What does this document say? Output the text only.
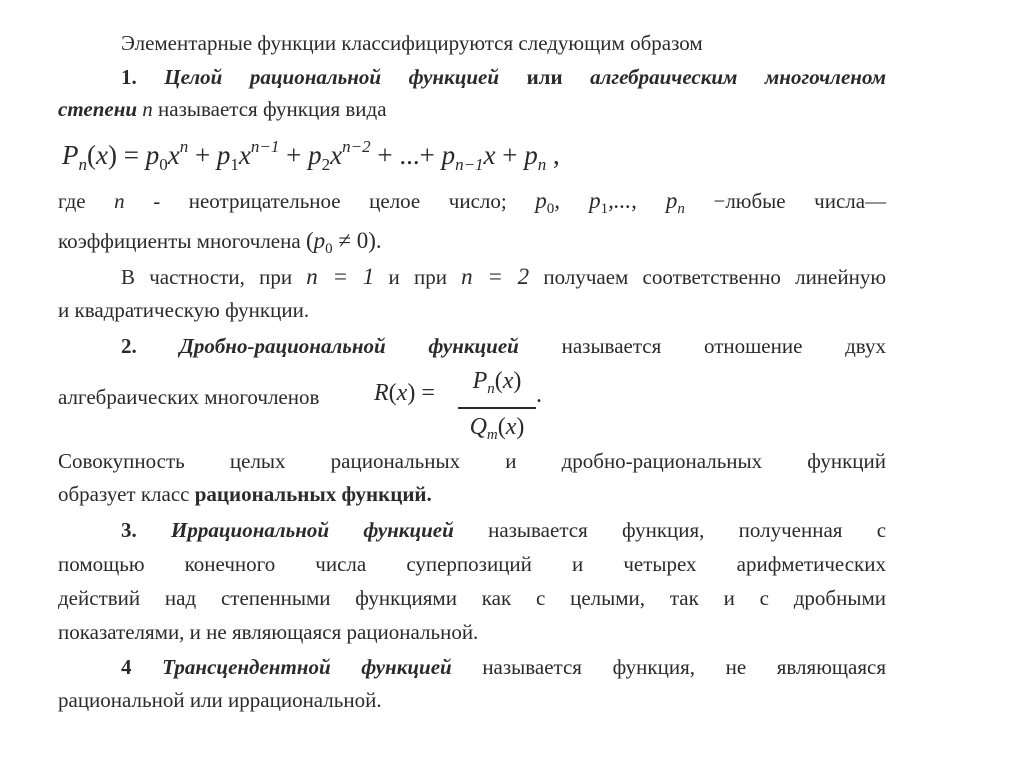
Элементарные функции классифицируются следующим образом
1. Целой рациональной функцией или алгебраическим многочленом
степени n называется функция вида
$P_n(x) = p_0x^n + p_1x^{n-1} + p_2x^{n-2}$ + ...+ $p_{n-1}x + p_n$ ,
где n - неотрицательное целое число; $p_0$, $p_1$,..., $p_n$ −любые числа—
коэффициенты многочлена $(p_0 \ne 0)$.
В частности, при n = 1 и при n = 2 получаем соответственно линейную
и квадратическую функции.
2. Дробно-рациональной функцией называется отношение двух
алгебраических многочленов R(x) =	$P_n(x)$
$Q_m(x)$
.
Совокупность целых рациональных и дробно-рациональных функций
образует класс рациональных функций.
3. Иррациональной функцией называется функция, полученная с
помощью конечного числа суперпозиций и четырех арифметических
действий над степенными функциями как с целыми, так и с дробными
показателями, и не являющаяся рациональной.
4 Трансцендентной функцией называется функция, не являющаяся
рациональной или иррациональной.
